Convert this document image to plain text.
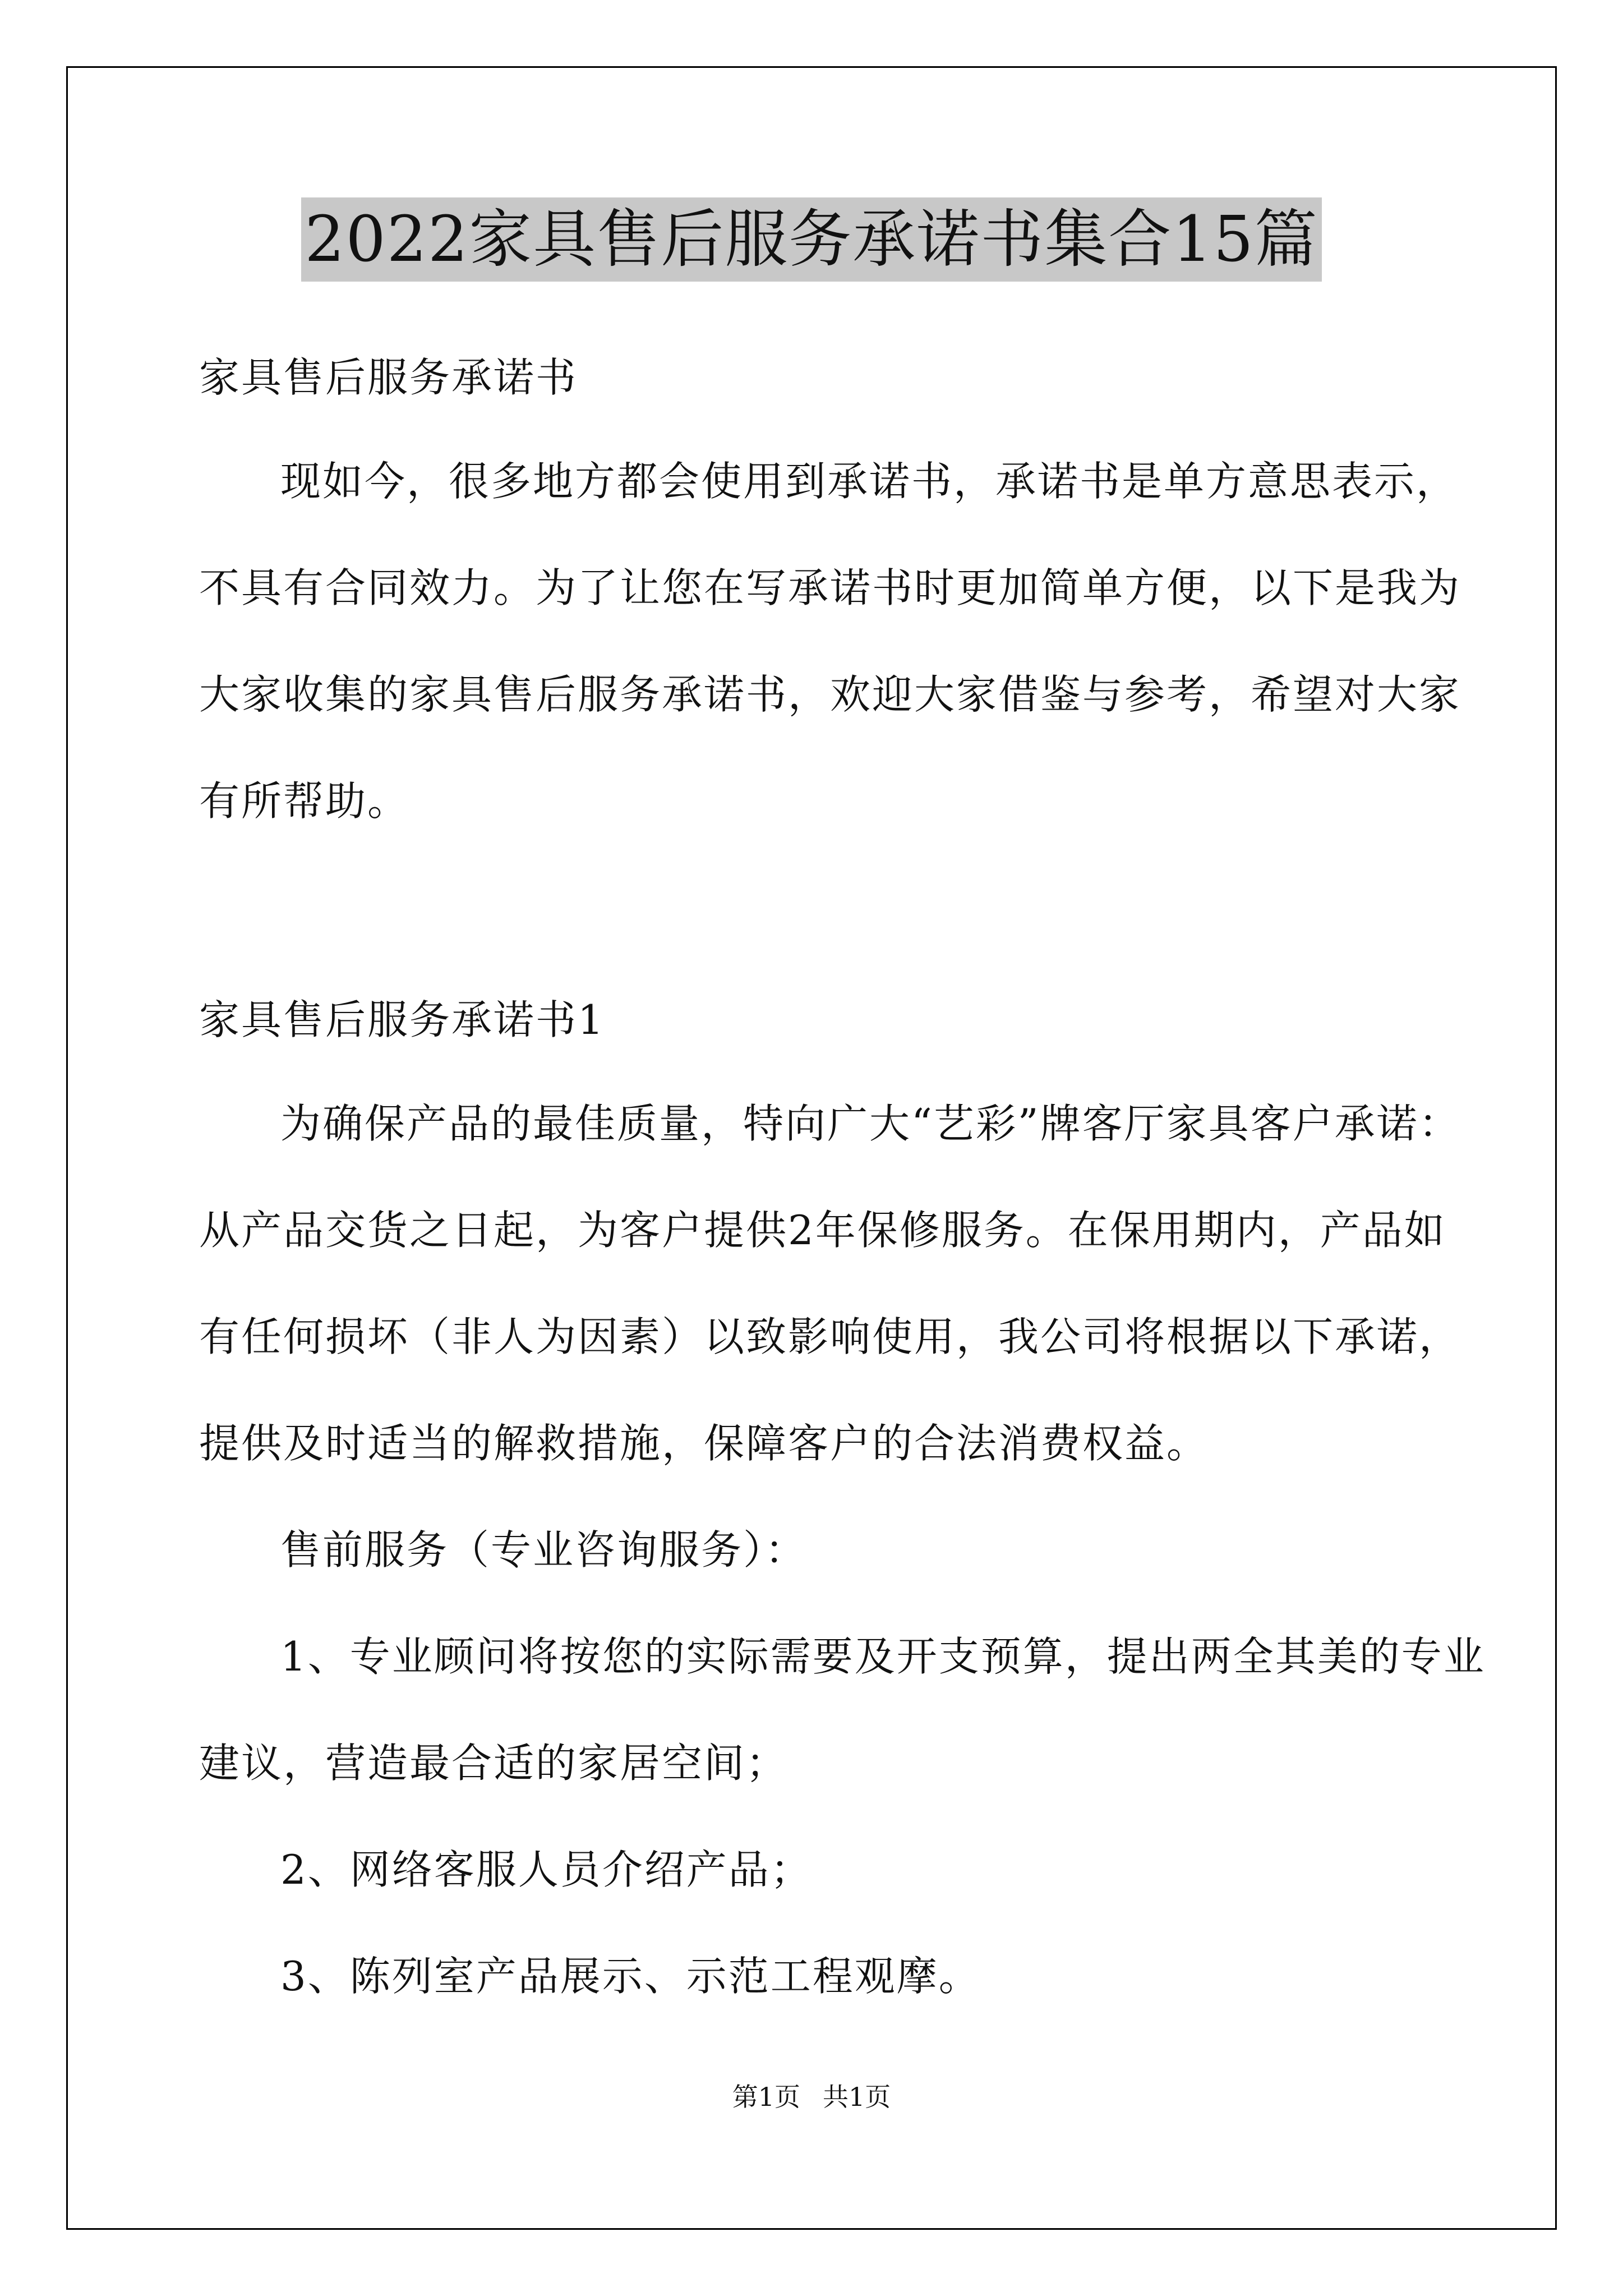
2022家具售后服务承诺书集合15篇
家具售后服务承诺书
现如今，很多地方都会使用到承诺书，承诺书是单方意思表示，
不具有合同效力。为了让您在写承诺书时更加简单方便，以下是我为
大家收集的家具售后服务承诺书，欢迎大家借鉴与参考，希望对大家
有所帮助。
家具售后服务承诺书1
为确保产品的最佳质量，特向广大“艺彩”牌客厅家具客户承诺：
从产品交货之日起，为客户提供2年保修服务。在保用期内，产品如
有任何损坏（非人为因素）以致影响使用，我公司将根据以下承诺，
提供及时适当的解救措施，保障客户的合法消费权益。
售前服务（专业咨询服务）：
1、专业顾问将按您的实际需要及开支预算，提出两全其美的专业
建议，营造最合适的家居空间；
2、网络客服人员介绍产品；
3、陈列室产品展示、示范工程观摩。
第1页 共1页
